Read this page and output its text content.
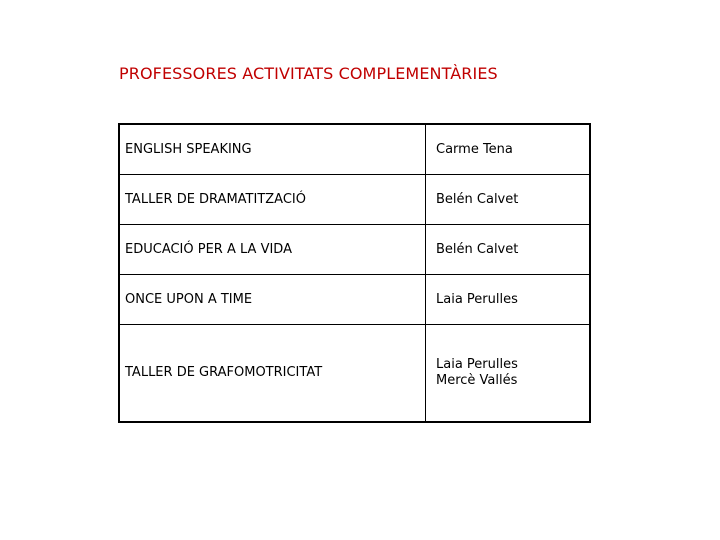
PROFESSORES ACTIVITATS COMPLEMENTÀRIES
ENGLISH SPEAKING	Carme Tena
TALLER DE DRAMATITZACIÓ	Belén Calvet
EDUCACIÓ PER A LA VIDA	Belén Calvet
ONCE UPON A TIME	Laia Perulles
TALLER DE GRAFOMOTRICITAT	Laia Perulles
Mercè Vallés
